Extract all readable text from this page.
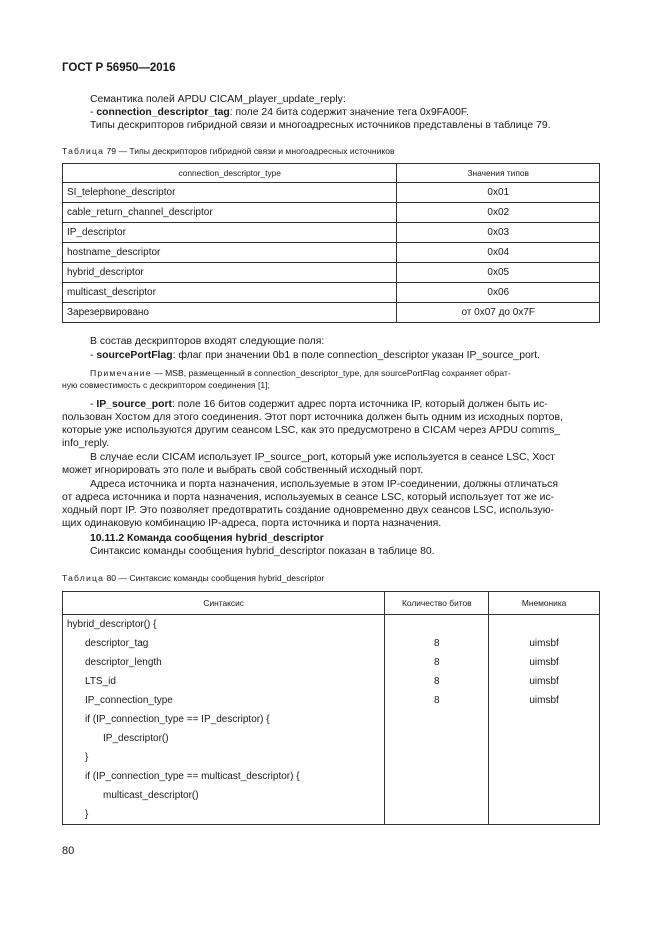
ГОСТ Р 56950—2016
Семантика полей APDU CICAM_player_update_reply:
- connection_descriptor_tag: поле 24 бита содержит значение тега 0x9FA00F.
Типы дескрипторов гибридной связи и многоадресных источников представлены в таблице 79.
Таблица 79 — Типы дескрипторов гибридной связи и многоадресных источников
connection_descriptor_type	Значения типов
SI_telephone_descriptor	0x01
cable_return_channel_descriptor	0x02
IP_descriptor	0x03
hostname_descriptor	0x04
hybrid_descriptor	0x05
multicast_descriptor	0x06
Зарезервировано	от 0x07 до 0x7F
В состав дескрипторов входят следующие поля:
- sourcePortFlag: флаг при значении 0b1 в поле connection_descriptor указан IP_source_port.
Примечание — MSB, размещенный в connection_descriptor_type, для sourcePortFlag сохраняет обрат-
ную совместимость с дескриптором соединения [1];
- IP_source_port: поле 16 битов содержит адрес порта источника IP, который должен быть ис-
пользован Хостом для этого соединения. Этот порт источника должен быть одним из исходных портов,
которые уже используются другим сеансом LSC, как это предусмотрено в CICAM через APDU comms_
info_reply.
В случае если CICAM использует IP_source_port, который уже используется в сеансе LSC, Хост
может игнорировать это поле и выбрать свой собственный исходный порт.
Адреса источника и порта назначения, используемые в этом IP-соединении, должны отличаться
от адреса источника и порта назначения, используемых в сеансе LSC, который использует тот же ис-
ходный порт IP. Это позволяет предотвратить создание одновременно двух сеансов LSC, использую-
щих одинаковую комбинацию IP-адреса, порта источника и порта назначения.
10.11.2 Команда сообщения hybrid_descriptor
Синтаксис команды сообщения hybrid_descriptor показан в таблице 80.
Таблица 80 — Синтаксис команды сообщения hybrid_descriptor
Синтаксис	Количество битов	Мнемоника
hybrid_descriptor() {		
descriptor_tag	8	uimsbf
descriptor_length	8	uimsbf
LTS_id	8	uimsbf
IP_connection_type	8	uimsbf
if (IP_connection_type == IP_descriptor) {		
IP_descriptor()		
}		
if (IP_connection_type == multicast_descriptor) {		
multicast_descriptor()		
}		
80
